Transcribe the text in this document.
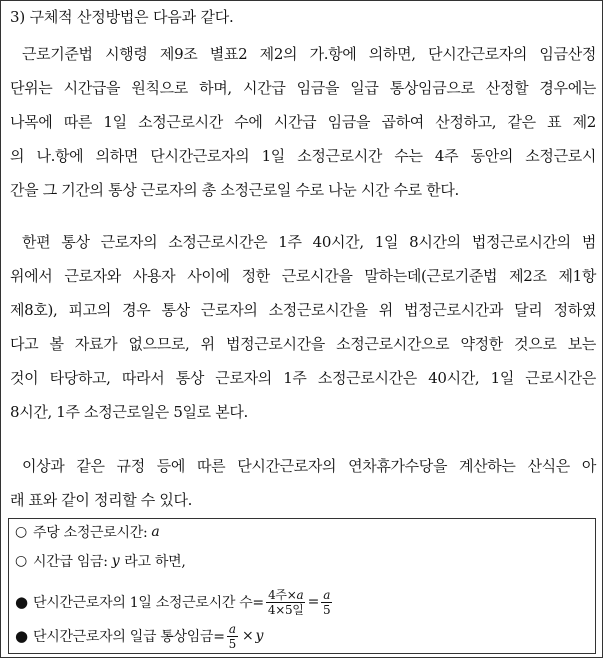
3) 구체적 산정방법은 다음과 같다.

근로기준법 시행령 제9조 별표2 제2의 가.항에 의하면, 단시간근로자의 임금산정
단위는 시간급을 원칙으로 하며, 시간급 임금을 일급 통상임금으로 산정할 경우에는
나목에 따른 1일 소정근로시간 수에 시간급 임금을 곱하여 산정하고, 같은 표 제2
의 나.항에 의하면 단시간근로자의 1일 소정근로시간 수는 4주 동안의 소정근로시
간을 그 기간의 통상 근로자의 총 소정근로일 수로 나눈 시간 수로 한다.

한편 통상 근로자의 소정근로시간은 1주 40시간, 1일 8시간의 법정근로시간의 범
위에서 근로자와 사용자 사이에 정한 근로시간을 말하는데(근로기준법 제2조 제1항
제8호), 피고의 경우 통상 근로자의 소정근로시간을 위 법정근로시간과 달리 정하였
다고 볼 자료가 없으므로, 위 법정근로시간을 소정근로시간으로 약정한 것으로 보는
것이 타당하고, 따라서 통상 근로자의 1주 소정근로시간은 40시간, 1일 근로시간은
8시간, 1주 소정근로일은 5일로 본다.

이상과 같은 규정 등에 따른 단시간근로자의 연차휴가수당을 계산하는 산식은 아
래 표와 같이 정리할 수 있다.

○ 주당 소정근로시간: a
○ 시간급 임금: y 라고 하면,
● 단시간근로자의 1일 소정근로시간 수= $\frac{\text{4주×a}}{\text{4×5일}} = \frac{a}{5}$
● 단시간근로자의 일급 통상임금= $\frac{a}{5} \times y$
